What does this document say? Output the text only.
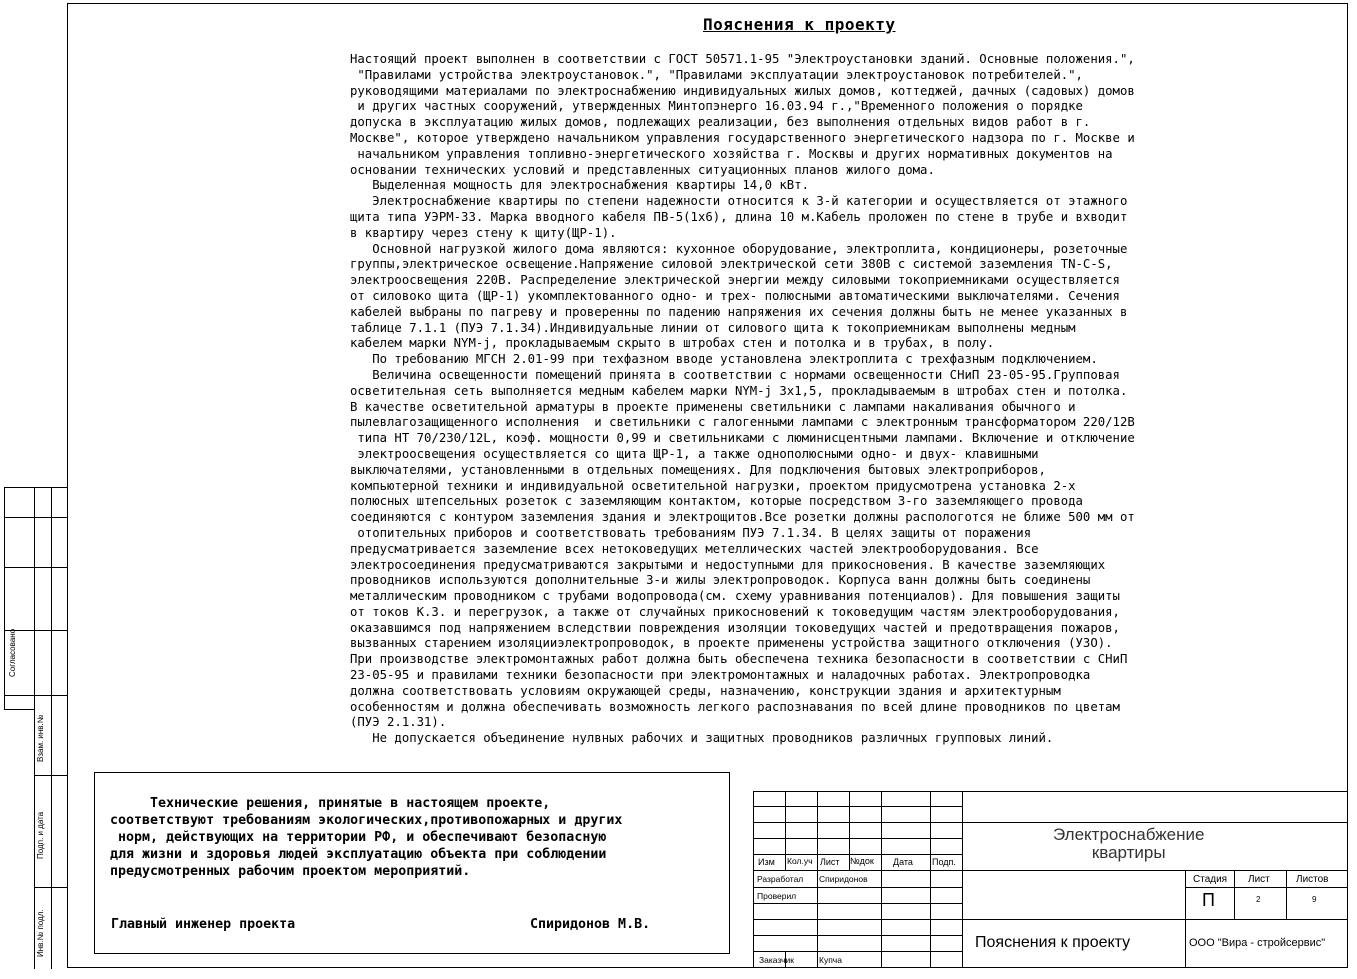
Пояснения к проекту
Настоящий проект выполнен в соответствии с ГОСТ 50571.1-95 "Электроустановки зданий. Основные положения.",
"Правилами устройства электроустановок.", "Правилами эксплуатации электроустановок потребителей.",
руководящими материалами по электроснабжению индивидуальных жилых домов, коттеджей, дачных (садовых) домов
и других частных сооружений, утвержденных Минтопэнерго 16.03.94 г.,"Временного положения о порядке
допуска в эксплуатацию жилых домов, подлежащих реализации, без выполнения отдельных видов работ в г.
Москве", которое утверждено начальником управления государственного энергетического надзора по г. Москве и
начальником управления топливно-энергетического хозяйства г. Москвы и других нормативных документов на
основании технических условий и представленных ситуационных планов жилого дома.
Выделенная мощность для электроснабжения квартиры 14,0 кВт.
Электроснабжение квартиры по степени надежности относится к 3-й категории и осуществляется от этажного
щита типа УЭРМ-33. Марка вводного кабеля ПВ-5(1х6), длина 10 м.Кабель проложен по стене в трубе и вхводит
в квартиру через стену к щиту(ЩР-1).
Основной нагрузкой жилого дома являются: кухонное оборудование, электроплита, кондиционеры, розеточные
группы,электрическое освещение.Напряжение силовой электрической сети 380В с системой заземления TN-C-S,
электроосвещения 220В. Распределение электрической энергии между силовыми токоприемниками осуществляется
от силовоко щита (ЩР-1) укомплектованного одно- и трех- полюсными автоматическими выключателями. Сечения
кабелей выбраны по пагреву и проверенны по падению напряжения их сечения должны быть не менее указанных в
таблице 7.1.1 (ПУЭ 7.1.34).Индивидуальные линии от силового щита к токоприемникам выполнены медным
кабелем марки NYM-j, прокладываемым скрыто в штробах стен и потолка и в трубах, в полу.
По требованию МГСН 2.01-99 при техфазном вводе установлена электроплита с трехфазным подключением.
Величина освещенности помещений принята в соответствии с нормами освещенности СНиП 23-05-95.Групповая
осветительная сеть выполняется медным кабелем марки NYM-j 3х1,5, прокладываемым в штробах стен и потолка.
В качестве осветительной арматуры в проекте применены светильники с лампами накаливания обычного и
пылевлагозащищенного исполнения  и светильники с галогенными лампами с электронным трансформатором 220/12В
типа HT 70/230/12L, коэф. мощности 0,99 и светильниками с люминисцентными лампами. Включение и отключение
электроосвещения осуществляется со щита ЩР-1, а также однополюсными одно- и двух- клавишными
выключателями, установленными в отдельных помещениях. Для подключения бытовых электроприборов,
компьютерной техники и индивидуальной осветительной нагрузки, проектом придусмотрена установка 2-х
полюсных штепсельных розеток с заземляющим контактом, которые посредством 3-го заземляющего провода
соединяются с контуром заземления здания и электрощитов.Все розетки должны распологотся не ближе 500 мм от
отопительных приборов и соответствовать требованиям ПУЭ 7.1.34. В целях защиты от поражения
предусматривается заземление всех нетоковедущих метеллических частей электрооборудования. Все
электросоединения предусматриваются закрытыми и недоступными для прикосновения. В качестве заземляющих
проводников используются дополнительные 3-и жилы электропроводок. Корпуса ванн должны быть соединены
металлическим проводником с трубами водопровода(см. схему уравнивания потенциалов). Для повышения защиты
от токов К.З. и перегрузок, а также от случайных прикосновений к токоведущим частям электрооборудования,
оказавшимся под напряжением вследствии повреждения изоляции токоведущих частей и предотвращения пожаров,
вызванных старением изоляцииэлектропроводок, в проекте применены устройства защитного отключения (УЗО).
При производстве электромонтажных работ должна быть обеспечена техника безопасности в соответствии с СНиП
23-05-95 и правилами техники безопасности при электромонтажных и наладочных работах. Электропроводка
должна соответствовать условиям окружающей среды, назначению, конструкции здания и архитектурным
особенностям и должна обеспечивать возможность легкого распознавания по всей длине проводников по цветам
(ПУЭ 2.1.31).
Не допускается объединение нулвных рабочих и защитных проводников различных групповых линий.
Технические решения, принятые в настоящем проекте,
соответствуют требованиям экологических,противопожарных и других
норм, действующих на территории РФ, и обеспечивают безопасную
для жизни и здоровья людей эксплуатацию объекта при соблюдении
предусмотренных рабочим проектом мероприятий.
Главный инженер проекта	Спиридонов М.В.
Согласовано
Взам. инв.№
Подп. и дата
Инв.№ подл.
Изм Кол.уч Лист №док Дата Подп.
Разработал Спиридонов
Проверил
Заказчик	Купча
Электроснабжение
квартиры
Стадия Лист	Листов
П	2	9
Пояснения к проекту	ООО "Вира - стройсервис"
